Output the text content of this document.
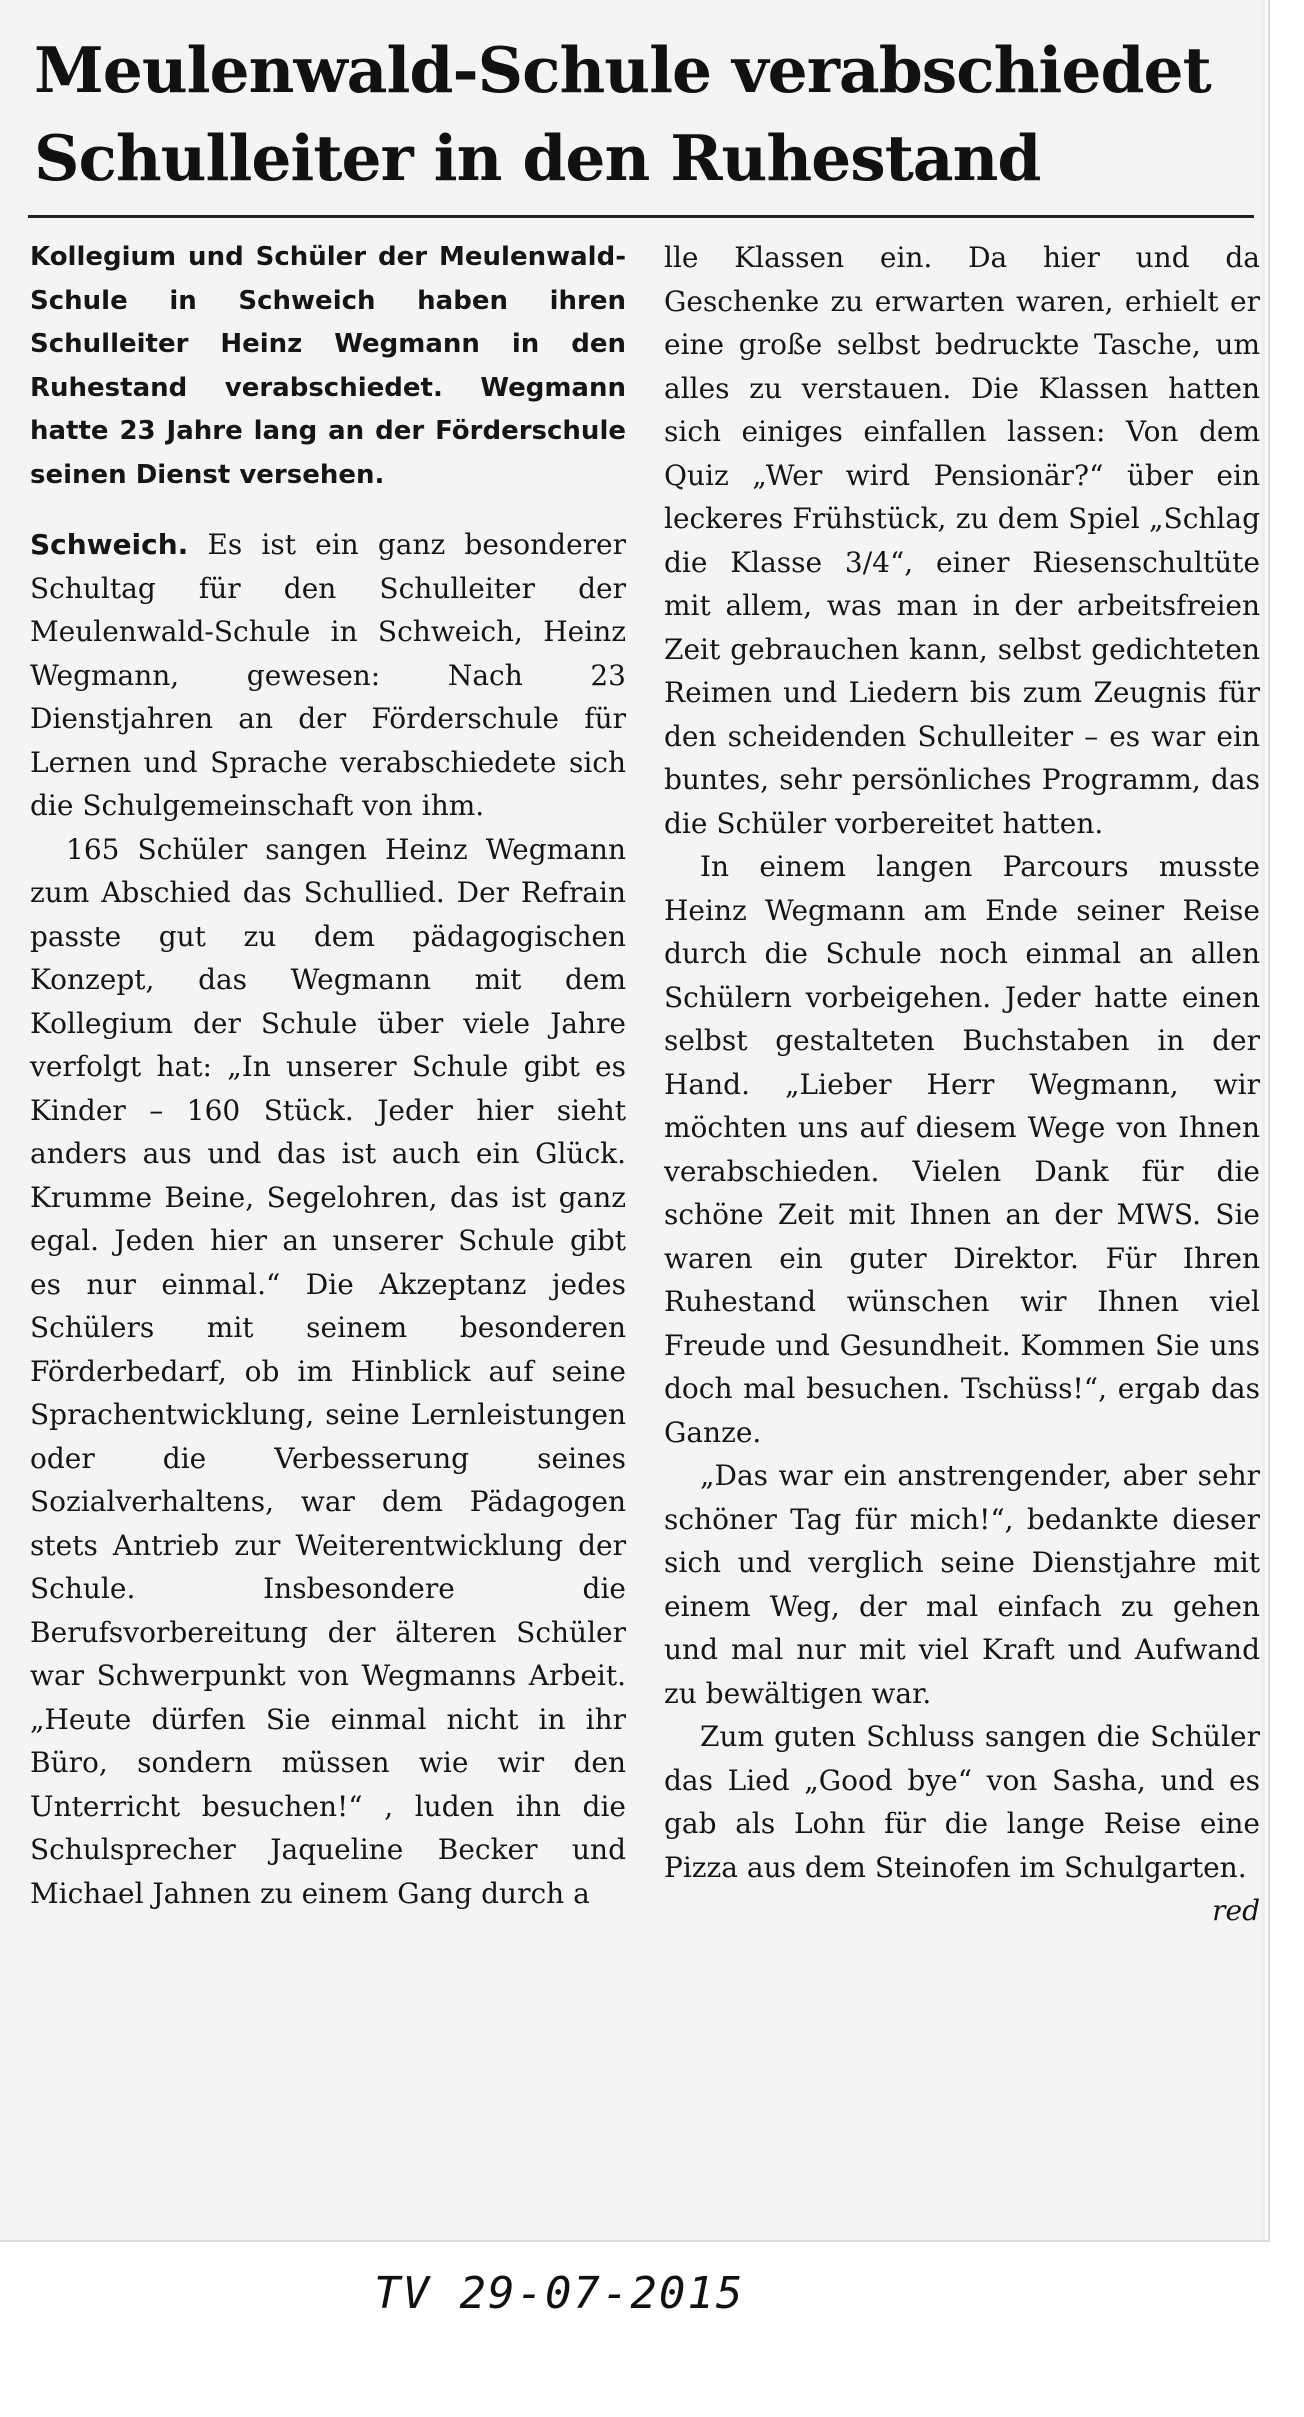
Meulenwald-Schule verabschiedet
Schulleiter in den Ruhestand

Kollegium und Schüler der Meulenwald-Schule in Schweich haben ihren Schulleiter Heinz Wegmann in den Ruhestand verabschiedet. Wegmann hatte 23 Jahre lang an der Förderschule seinen Dienst versehen.

Schweich. Es ist ein ganz besonderer Schultag für den Schulleiter der Meulenwald-Schule in Schweich, Heinz Wegmann, gewesen: Nach 23 Dienstjahren an der Förderschule für Lernen und Sprache verabschiedete sich die Schulgemeinschaft von ihm.

165 Schüler sangen Heinz Wegmann zum Abschied das Schullied. Der Refrain passte gut zu dem pädagogischen Konzept, das Wegmann mit dem Kollegium der Schule über viele Jahre verfolgt hat: „In unserer Schule gibt es Kinder – 160 Stück. Jeder hier sieht anders aus und das ist auch ein Glück. Krumme Beine, Segelohren, das ist ganz egal. Jeden hier an unserer Schule gibt es nur einmal.“ Die Akzeptanz jedes Schülers mit seinem besonderen Förderbedarf, ob im Hinblick auf seine Sprachentwicklung, seine Lernleistungen oder die Verbesserung seines Sozialverhaltens, war dem Pädagogen stets Antrieb zur Weiterentwicklung der Schule. Insbesondere die Berufsvorbereitung der älteren Schüler war Schwerpunkt von Wegmanns Arbeit. „Heute dürfen Sie einmal nicht in ihr Büro, sondern müssen wie wir den Unterricht besuchen!“ , luden ihn die Schulsprecher Jaqueline Becker und Michael Jahnen zu einem Gang durch a

lle Klassen ein. Da hier und da Geschenke zu erwarten waren, erhielt er eine große selbst bedruckte Tasche, um alles zu verstauen. Die Klassen hatten sich einiges einfallen lassen: Von dem Quiz „Wer wird Pensionär?“ über ein leckeres Frühstück, zu dem Spiel „Schlag die Klasse 3/4“, einer Riesenschultüte mit allem, was man in der arbeitsfreien Zeit gebrauchen kann, selbst gedichteten Reimen und Liedern bis zum Zeugnis für den scheidenden Schulleiter – es war ein buntes, sehr persönliches Programm, das die Schüler vorbereitet hatten.

In einem langen Parcours musste Heinz Wegmann am Ende seiner Reise durch die Schule noch einmal an allen Schülern vorbeigehen. Jeder hatte einen selbst gestalteten Buchstaben in der Hand. „Lieber Herr Wegmann, wir möchten uns auf diesem Wege von Ihnen verabschieden. Vielen Dank für die schöne Zeit mit Ihnen an der MWS. Sie waren ein guter Direktor. Für Ihren Ruhestand wünschen wir Ihnen viel Freude und Gesundheit. Kommen Sie uns doch mal besuchen. Tschüss!“, ergab das Ganze.

„Das war ein anstrengender, aber sehr schöner Tag für mich!“, bedankte dieser sich und verglich seine Dienstjahre mit einem Weg, der mal einfach zu gehen und mal nur mit viel Kraft und Aufwand zu bewältigen war.

Zum guten Schluss sangen die Schüler das Lied „Good bye“ von Sasha, und es gab als Lohn für die lange Reise eine Pizza aus dem Steinofen im Schulgarten.
red

TV 29-07-2015
